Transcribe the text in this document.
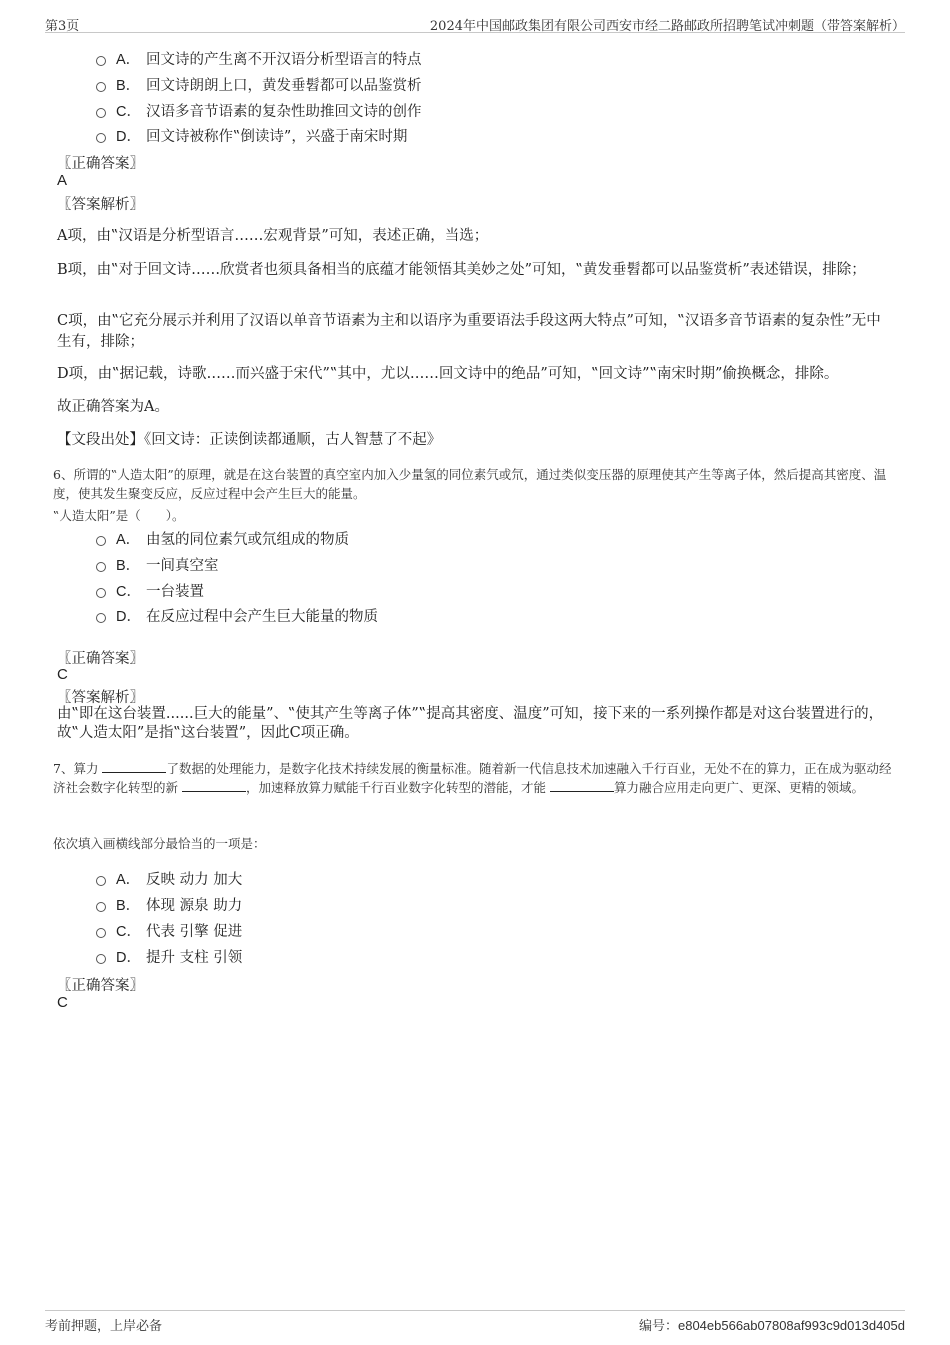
第3页	2024年中国邮政集团有限公司西安市经二路邮政所招聘笔试冲刺题（带答案解析）
A． 回文诗的产生离不开汉语分析型语言的特点
B． 回文诗朗朗上口，黄发垂髫都可以品鉴赏析
C． 汉语多音节语素的复杂性助推回文诗的创作
D． 回文诗被称作‟倒读诗”，兴盛于南宋时期
〖正确答案〗
A
〖答案解析〗
A项，由‟汉语是分析型语言……宏观背景”可知，表述正确，当选；
B项，由‟对于回文诗……欣赏者也须具备相当的底蕴才能领悟其美妙之处”可知，‟黄发垂髫都可以品鉴赏析”表述错误，排除；
C项，由‟它充分展示并利用了汉语以单音节语素为主和以语序为重要语法手段这两大特点”可知，‟汉语多音节语素的复杂性”无中生有，排除；
D项，由‟据记载，诗歌……而兴盛于宋代”‟其中，尤以……回文诗中的绝品”可知，‟回文诗”‟南宋时期”偷换概念，排除。
故正确答案为A。
【文段出处】《回文诗：正读倒读都通顺，古人智慧了不起》
6、所谓的‟人造太阳”的原理，就是在这台装置的真空室内加入少量氢的同位素氕或氘，通过类似变压器的原理使其产生等离子体，然后提高其密度、温度，使其发生聚变反应，反应过程中会产生巨大的能量。
‟人造太阳”是（　　）。
A． 由氢的同位素氕或氘组成的物质
B． 一间真空室
C． 一台装置
D． 在反应过程中会产生巨大能量的物质
〖正确答案〗
C
〖答案解析〗
由‟即在这台装置......巨大的能量”、‟使其产生等离子体”‟提高其密度、温度”可知，接下来的一系列操作都是对这台装置进行的，故‟人造太阳”是指‟这台装置”，因此C项正确。
7、算力	了数据的处理能力，是数字化技术持续发展的衡量标准。随着新一代信息技术加速融入千行百业，无处不在的算力，正在成为驱动经济社会数字化转型的新	，加速释放算力赋能千行百业数字化转型的潜能，才能	算力融合应用走向更广、更深、更精的领域。
依次填入画横线部分最恰当的一项是：
A． 反映 动力 加大
B． 体现 源泉 助力
C． 代表 引擎 促进
D． 提升 支柱 引领
〖正确答案〗
C
考前押题，上岸必备	编号：e804eb566ab07808af993c9d013d405d
